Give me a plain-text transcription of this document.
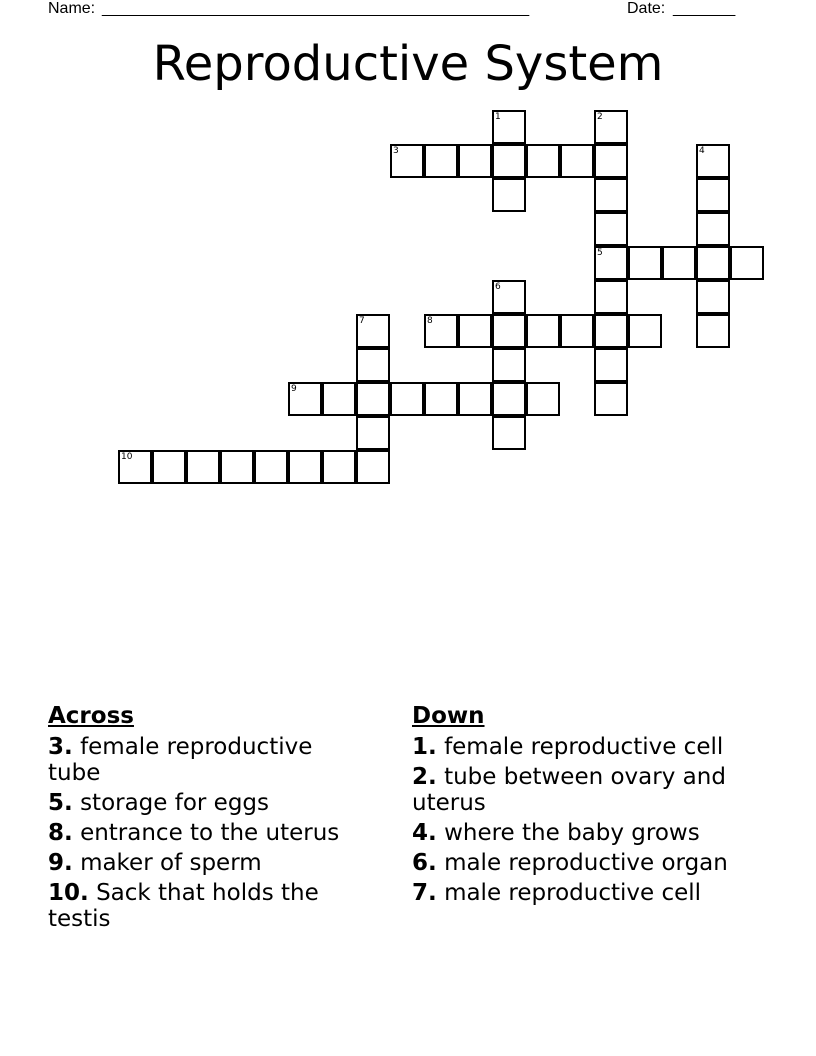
Name: ________________________________________________	Date: _______
Reproductive System
1	2
3	4
5
6
7	8
9
10
Across
3. female reproductive tube
5. storage for eggs
8. entrance to the uterus
9. maker of sperm
10. Sack that holds the testis
Down
1. female reproductive cell
2. tube between ovary and uterus
4. where the baby grows
6. male reproductive organ
7. male reproductive cell
